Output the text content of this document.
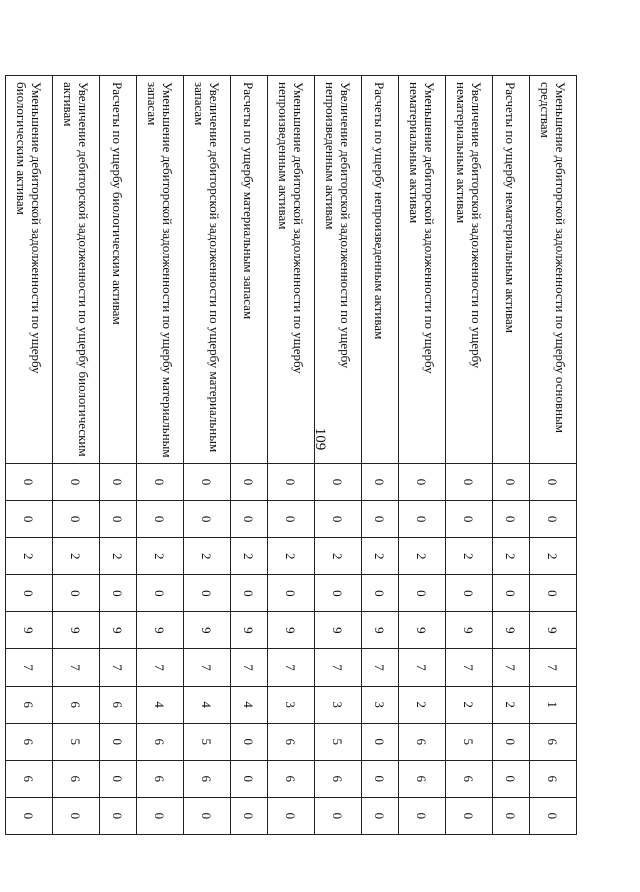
109
Уменьшение дебиторской задолженности по ущербу основным средствам	0	0	2	0	9	7	1	6	6	0
Расчеты по ущербу нематериальным активам	0	0	2	0	9	7	2	0	0	0
Увеличение дебиторской задолженности по ущербу нематериальным активам	0	0	2	0	9	7	2	5	6	0
Уменьшение дебиторской задолженности по ущербу нематериальным активам	0	0	2	0	9	7	2	6	6	0
Расчеты по ущербу непроизведенным активам	0	0	2	0	9	7	3	0	0	0
Увеличение дебиторской задолженности по ущербу непроизведенным активам	0	0	2	0	9	7	3	5	6	0
Уменьшение дебиторской задолженности по ущербу непроизведенным активам	0	0	2	0	9	7	3	6	6	0
Расчеты по ущербу материальным запасам	0	0	2	0	9	7	4	0	0	0
Увеличение дебиторской задолженности по ущербу материальным запасам	0	0	2	0	9	7	4	5	6	0
Уменьшение дебиторской задолженности по ущербу материальным запасам	0	0	2	0	9	7	4	6	6	0
Расчеты по ущербу биологическим активам	0	0	2	0	9	7	6	0	0	0
Увеличение дебиторской задолженности по ущербу биологическим активам	0	0	2	0	9	7	6	5	6	0
Уменьшение дебиторской задолженности по ущербу биологическим активам	0	0	2	0	9	7	6	6	6	0
